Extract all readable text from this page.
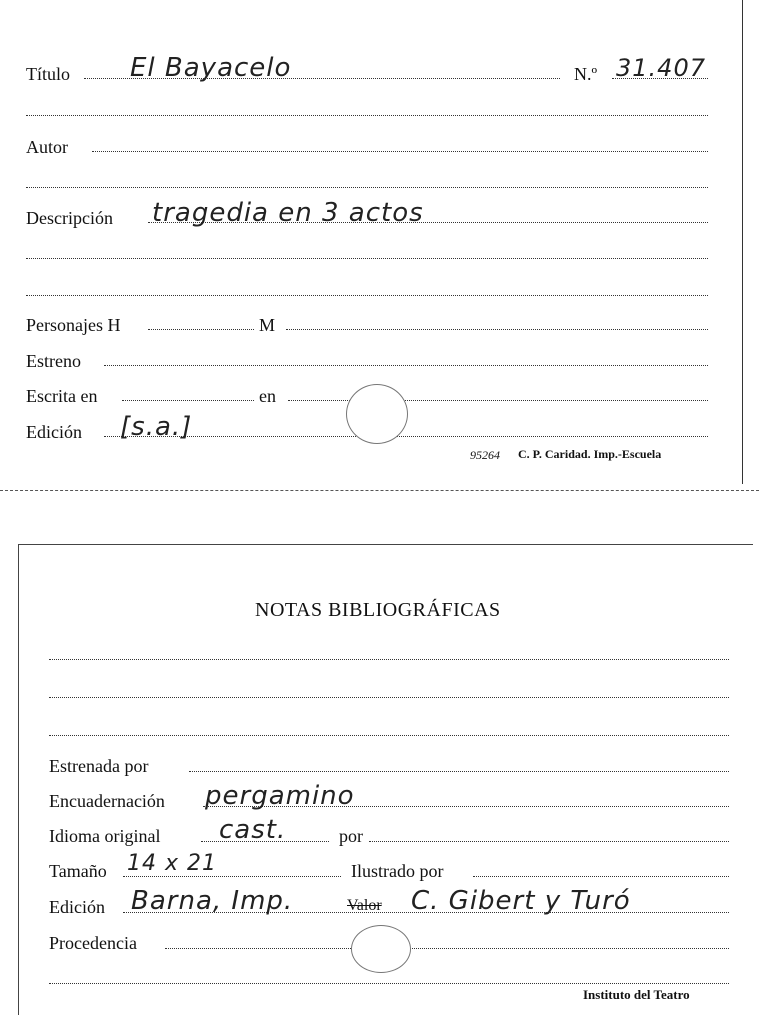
Título El Bayacelo	N.º 31.407
Autor
Descripción tragedia en 3 actos
Personajes H	M
Estreno
Escrita en	en
Edición [s.a.]
95264 C. P. Caridad. Imp.-Escuela
NOTAS BIBLIOGRÁFICAS
Estrenada por
Encuadernación pergamino
Idioma original cast.	por
Tamaño 14 x 21	Ilustrado por
Edición Barna, Imp.	Valor C. Gibert y Turó
Procedencia
Instituto del Teatro
